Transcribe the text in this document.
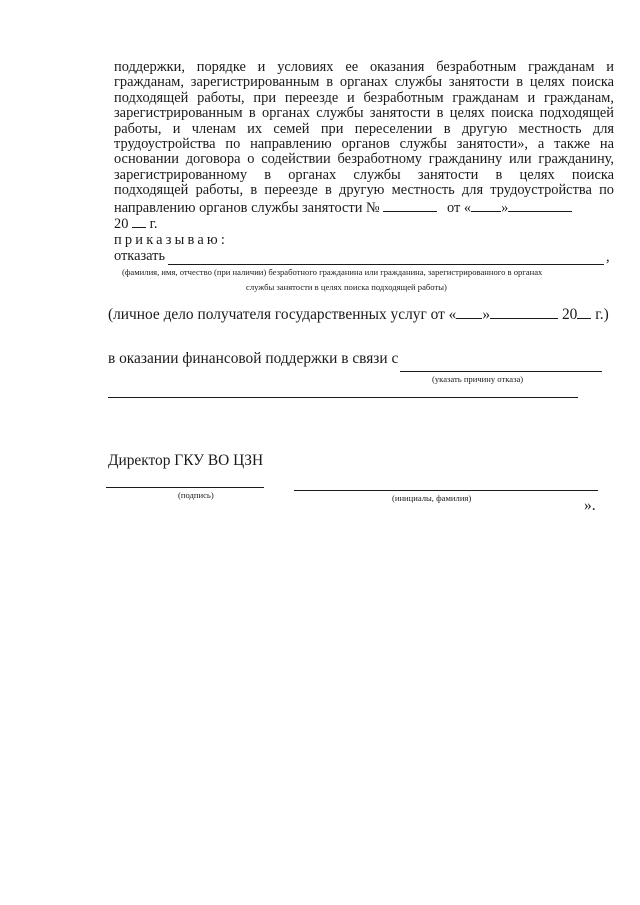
поддержки, порядке и условиях ее оказания безработным гражданам и
гражданам, зарегистрированным в органах службы занятости в целях поиска
подходящей работы, при переезде и безработным гражданам и гражданам,
зарегистрированным в органах службы занятости в целях поиска подходящей
работы, и членам их семей при переселении в другую местность для
трудоустройства по направлению органов службы занятости», а также на
основании договора о содействии безработному гражданину или гражданину,
зарегистрированному в органах службы занятости в целях поиска
подходящей работы, в переезде в другую местность для трудоустройства по
направлению органов службы занятости №	от « »
20 г.
приказываю:
отказать	,
(фамилия, имя, отчество (при наличии) безработного гражданина или гражданина, зарегистрированного в органах
службы занятости в целях поиска подходящей работы)
(личное дело получателя государственных услуг от « »	20 г.)
в оказании финансовой поддержки в связи с
(указать причину отказа)
Директор ГКУ ВО ЦЗН
(подпись)	(инициалы, фамилия)	».
